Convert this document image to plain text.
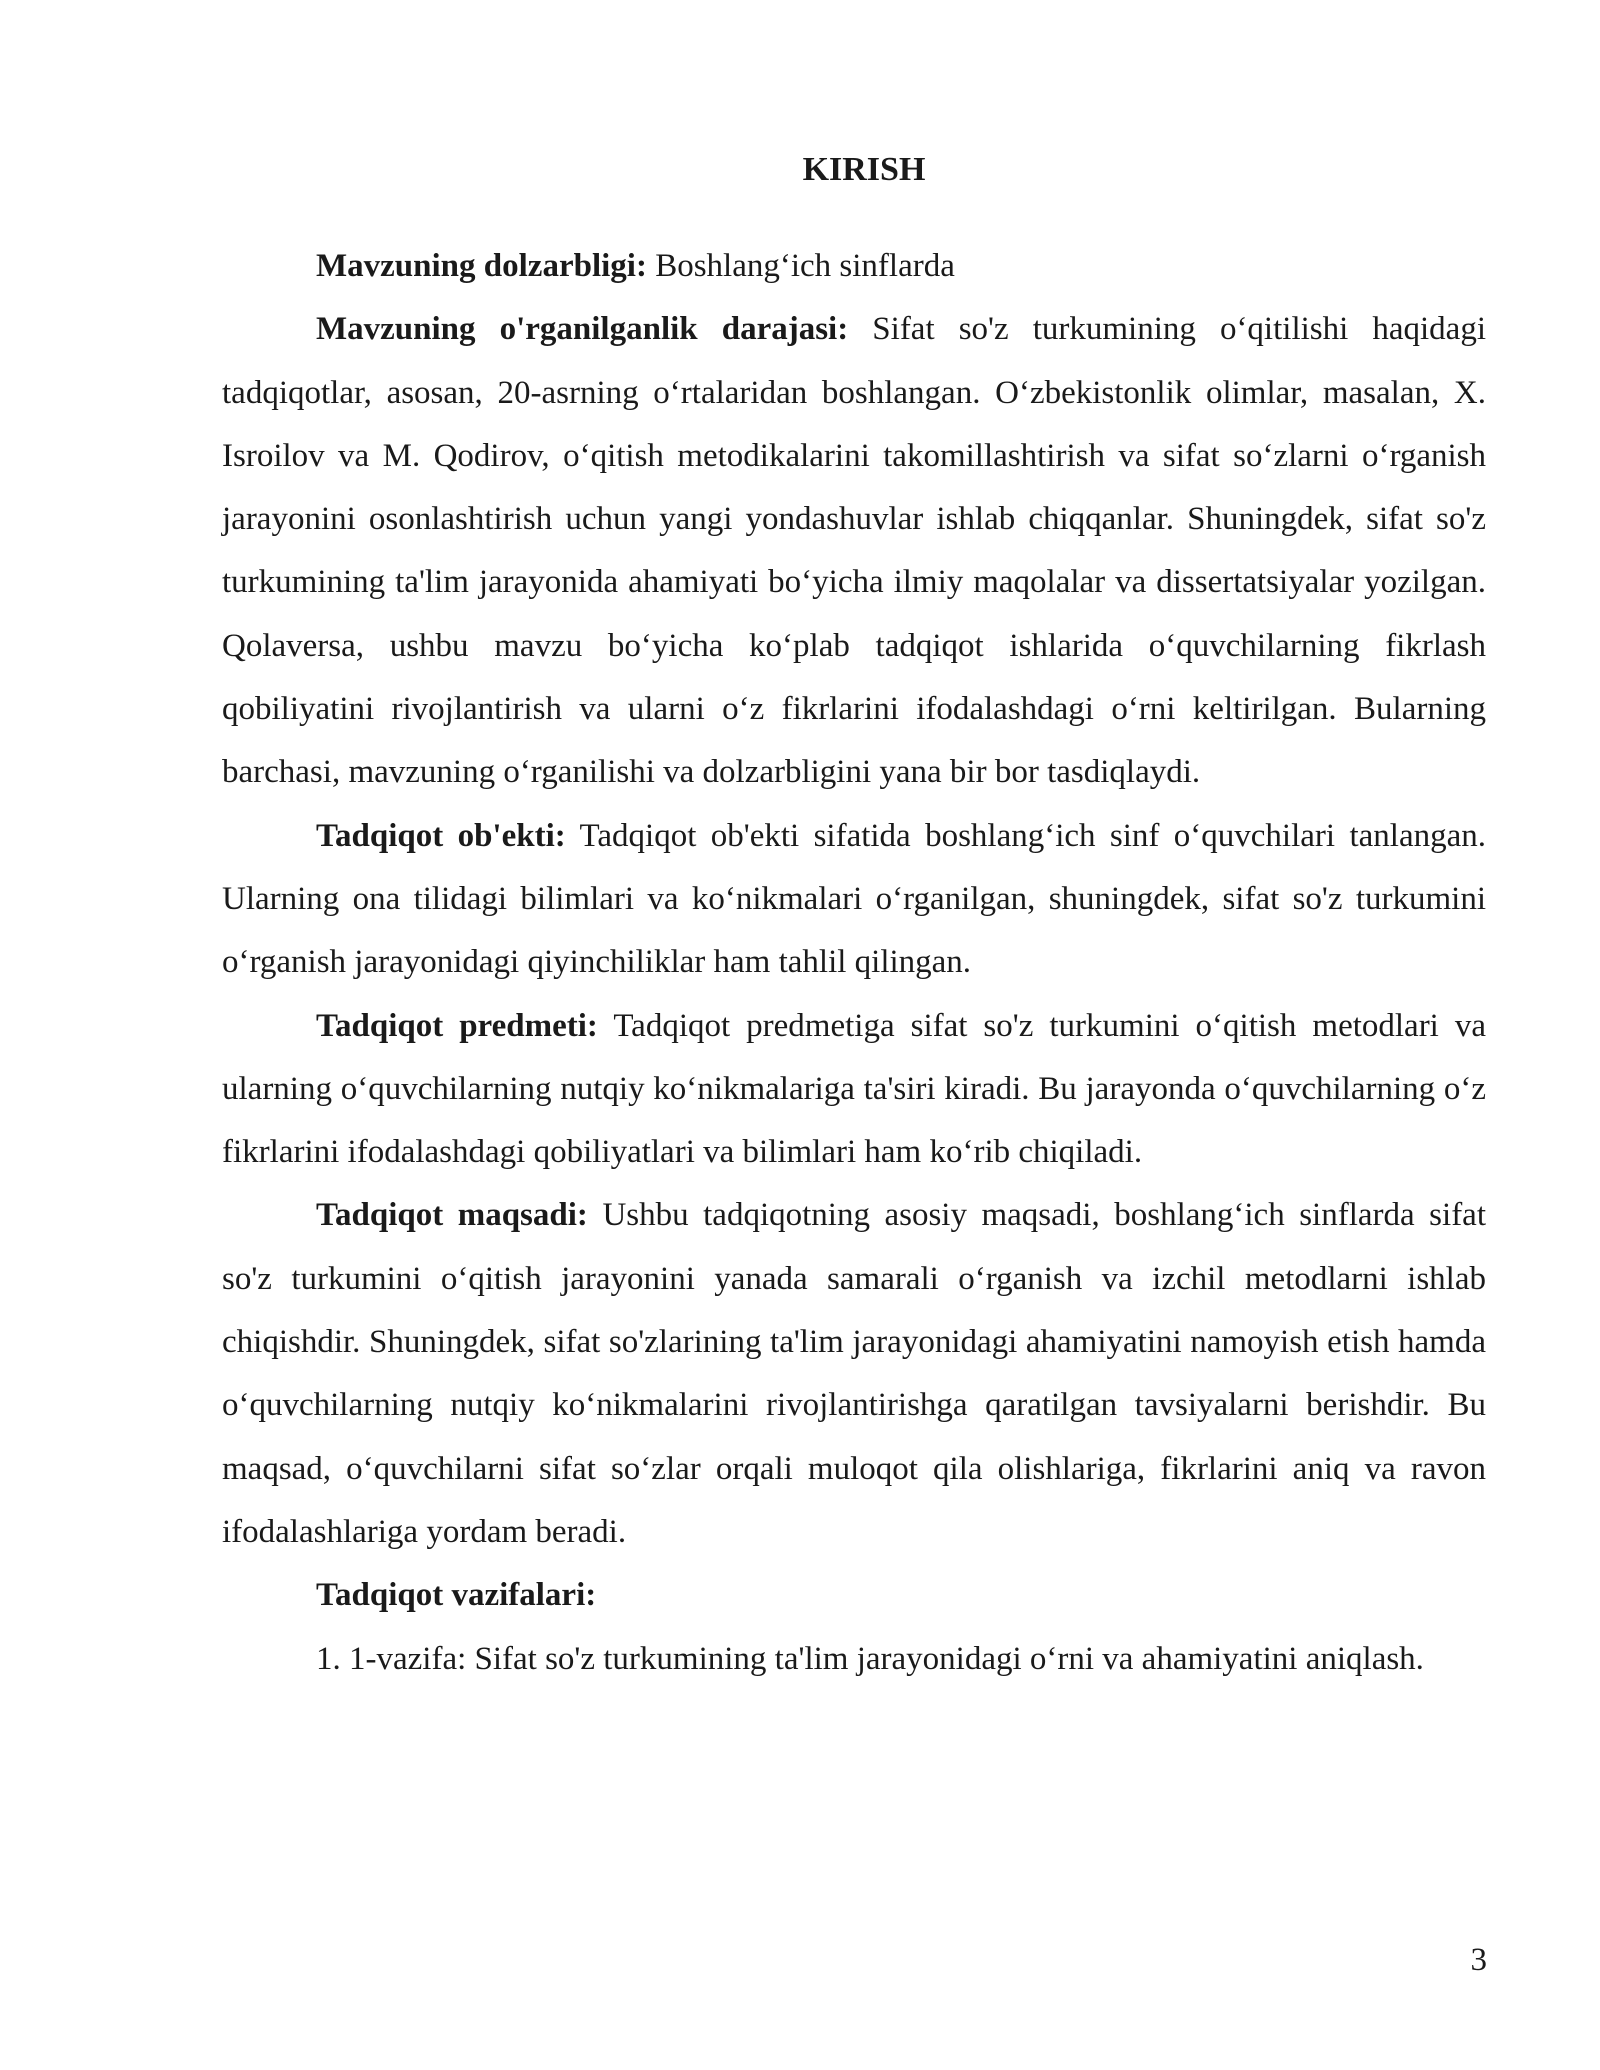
KIRISH

Mavzuning dolzarbligi: Boshlang‘ich sinflarda

Mavzuning o'rganilganlik darajasi: Sifat so'z turkumining o‘qitilishi haqidagi tadqiqotlar, asosan, 20-asrning o‘rtalaridan boshlangan. O‘zbekistonlik olimlar, masalan, X. Isroilov va M. Qodirov, o‘qitish metodikalarini takomillashtirish va sifat so‘zlarni o‘rganish jarayonini osonlashtirish uchun yangi yondashuvlar ishlab chiqqanlar. Shuningdek, sifat so'z turkumining ta'lim jarayonida ahamiyati bo‘yicha ilmiy maqolalar va dissertatsiyalar yozilgan. Qolaversa, ushbu mavzu bo‘yicha ko‘plab tadqiqot ishlarida o‘quvchilarning fikrlash qobiliyatini rivojlantirish va ularni o‘z fikrlarini ifodalashdagi o‘rni keltirilgan. Bularning barchasi, mavzuning o‘rganilishi va dolzarbligini yana bir bor tasdiqlaydi.

Tadqiqot ob'ekti: Tadqiqot ob'ekti sifatida boshlang‘ich sinf o‘quvchilari tanlangan. Ularning ona tilidagi bilimlari va ko‘nikmalari o‘rganilgan, shuningdek, sifat so'z turkumini o‘rganish jarayonidagi qiyinchiliklar ham tahlil qilingan.

Tadqiqot predmeti: Tadqiqot predmetiga sifat so'z turkumini o‘qitish metodlari va ularning o‘quvchilarning nutqiy ko‘nikmalariga ta'siri kiradi. Bu jarayonda o‘quvchilarning o‘z fikrlarini ifodalashdagi qobiliyatlari va bilimlari ham ko‘rib chiqiladi.

Tadqiqot maqsadi: Ushbu tadqiqotning asosiy maqsadi, boshlang‘ich sinflarda sifat so'z turkumini o‘qitish jarayonini yanada samarali o‘rganish va izchil metodlarni ishlab chiqishdir. Shuningdek, sifat so'zlarining ta'lim jarayonidagi ahamiyatini namoyish etish hamda o‘quvchilarning nutqiy ko‘nikmalarini rivojlantirishga qaratilgan tavsiyalarni berishdir. Bu maqsad, o‘quvchilarni sifat so‘zlar orqali muloqot qila olishlariga, fikrlarini aniq va ravon ifodalashlariga yordam beradi.

Tadqiqot vazifalari:

1. 1-vazifa: Sifat so'z turkumining ta'lim jarayonidagi o‘rni va ahamiyatini aniqlash.

3
